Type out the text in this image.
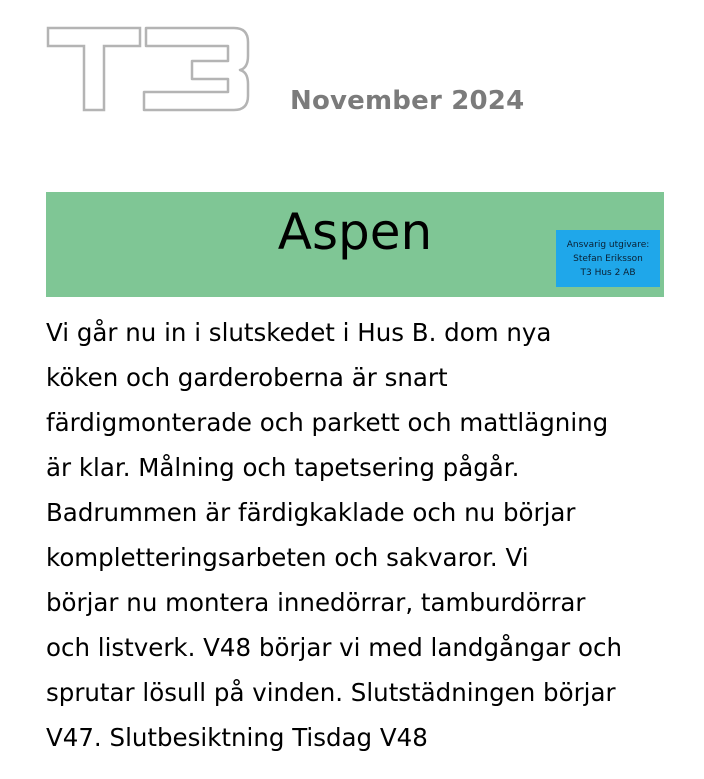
November 2024
Aspen	Ansvarig utgivare:
Stefan Eriksson
T3 Hus 2 AB
Vi går nu in i slutskedet i Hus B. dom nya
köken och garderoberna är snart
färdigmonterade och parkett och mattlägning
är klar. Målning och tapetsering pågår.
Badrummen är färdigkaklade och nu börjar
kompletteringsarbeten och sakvaror. Vi
börjar nu montera innedörrar, tamburdörrar
och listverk. V48 börjar vi med landgångar och
sprutar lösull på vinden. Slutstädningen börjar
V47. Slutbesiktning Tisdag V48
